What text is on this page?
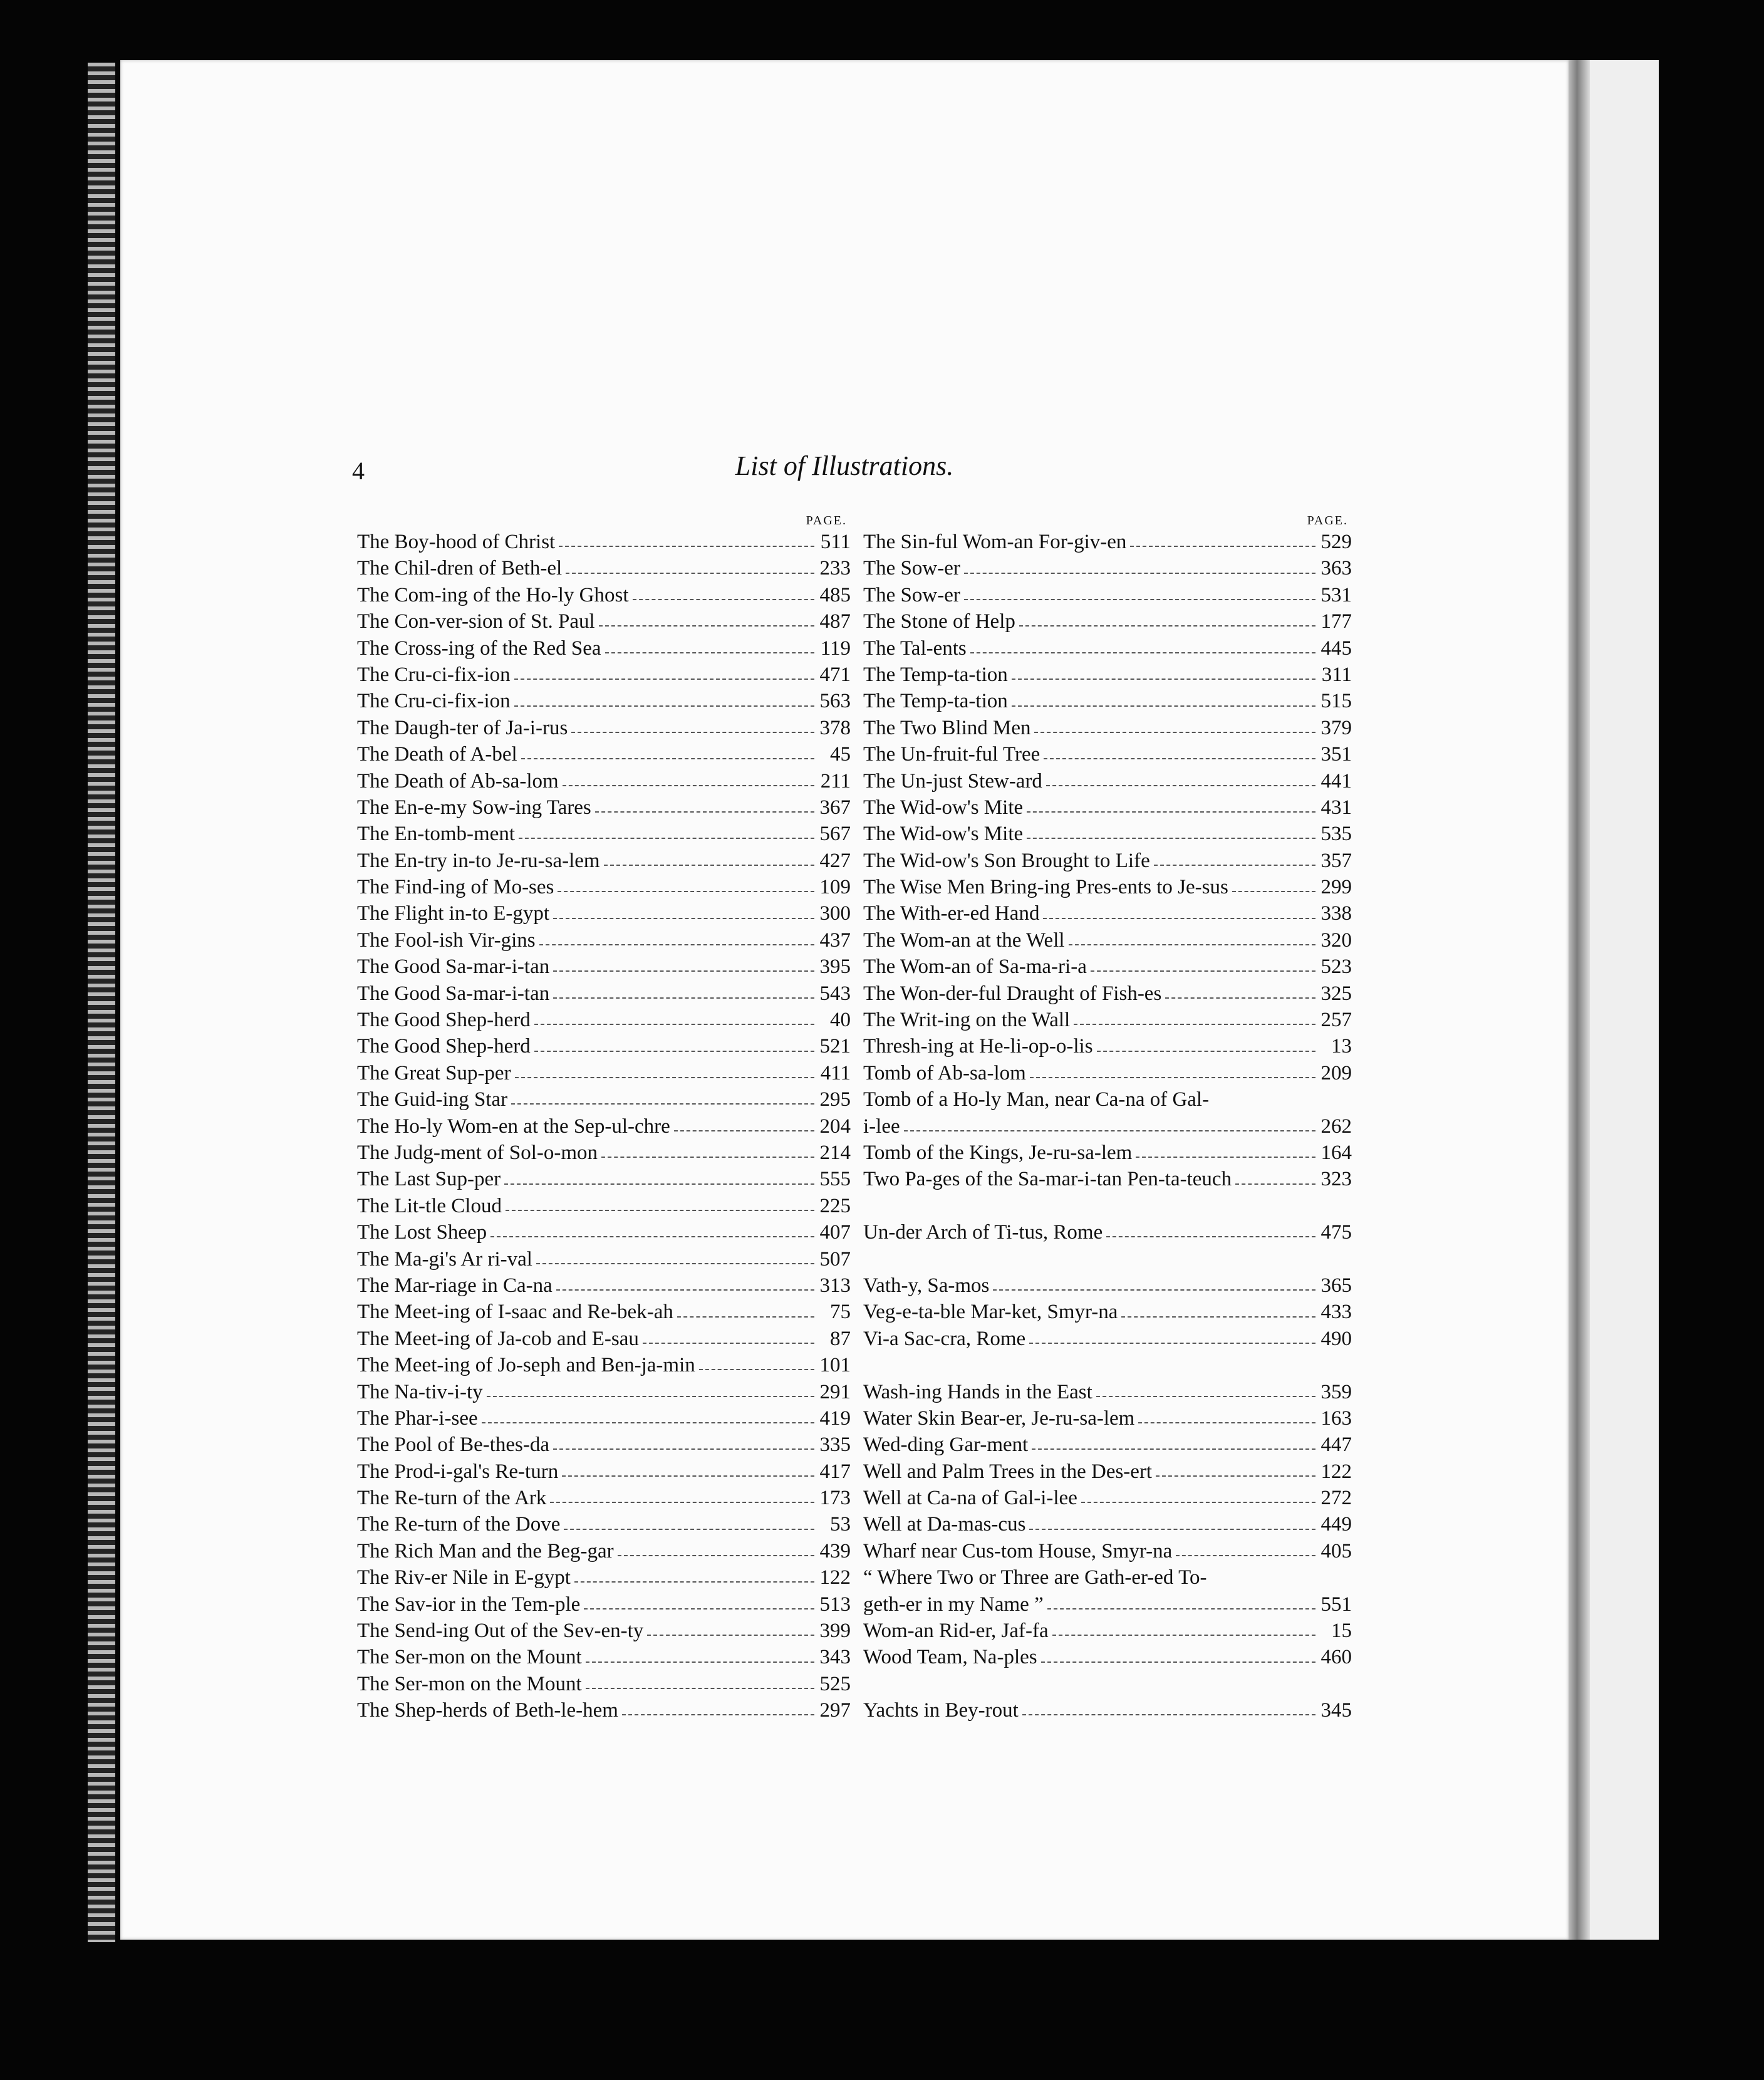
4	List of Illustrations.
PAGE.
The Boy-hood of Christ	511
The Chil-dren of Beth-el	233
The Com-ing of the Ho-ly Ghost	485
The Con-ver-sion of St. Paul	487
The Cross-ing of the Red Sea	119
The Cru-ci-fix-ion	471
The Cru-ci-fix-ion	563
The Daugh-ter of Ja-i-rus	378
The Death of A-bel	45
The Death of Ab-sa-lom	211
The En-e-my Sow-ing Tares	367
The En-tomb-ment	567
The En-try in-to Je-ru-sa-lem	427
The Find-ing of Mo-ses	109
The Flight in-to E-gypt	300
The Fool-ish Vir-gins	437
The Good Sa-mar-i-tan	395
The Good Sa-mar-i-tan	543
The Good Shep-herd	40
The Good Shep-herd	521
The Great Sup-per	411
The Guid-ing Star	295
The Ho-ly Wom-en at the Sep-ul-chre	204
The Judg-ment of Sol-o-mon	214
The Last Sup-per	555
The Lit-tle Cloud	225
The Lost Sheep	407
The Ma-gi's Ar ri-val	507
The Mar-riage in Ca-na	313
The Meet-ing of I-saac and Re-bek-ah	75
The Meet-ing of Ja-cob and E-sau	87
The Meet-ing of Jo-seph and Ben-ja-min	101
The Na-tiv-i-ty	291
The Phar-i-see	419
The Pool of Be-thes-da	335
The Prod-i-gal's Re-turn	417
The Re-turn of the Ark	173
The Re-turn of the Dove	53
The Rich Man and the Beg-gar	439
The Riv-er Nile in E-gypt	122
The Sav-ior in the Tem-ple	513
The Send-ing Out of the Sev-en-ty	399
The Ser-mon on the Mount	343
The Ser-mon on the Mount	525
The Shep-herds of Beth-le-hem	297
PAGE.
The Sin-ful Wom-an For-giv-en	529
The Sow-er	363
The Sow-er	531
The Stone of Help	177
The Tal-ents	445
The Temp-ta-tion	311
The Temp-ta-tion	515
The Two Blind Men	379
The Un-fruit-ful Tree	351
The Un-just Stew-ard	441
The Wid-ow's Mite	431
The Wid-ow's Mite	535
The Wid-ow's Son Brought to Life	357
The Wise Men Bring-ing Pres-ents to Je-sus	299
The With-er-ed Hand	338
The Wom-an at the Well	320
The Wom-an of Sa-ma-ri-a	523
The Won-der-ful Draught of Fish-es	325
The Writ-ing on the Wall	257
Thresh-ing at He-li-op-o-lis	13
Tomb of Ab-sa-lom	209
Tomb of a Ho-ly Man, near Ca-na of Gal-
i-lee	262
Tomb of the Kings, Je-ru-sa-lem	164
Two Pa-ges of the Sa-mar-i-tan Pen-ta-teuch	323
Un-der Arch of Ti-tus, Rome	475
Vath-y, Sa-mos	365
Veg-e-ta-ble Mar-ket, Smyr-na	433
Vi-a Sac-cra, Rome	490
Wash-ing Hands in the East	359
Water Skin Bear-er, Je-ru-sa-lem	163
Wed-ding Gar-ment	447
Well and Palm Trees in the Des-ert	122
Well at Ca-na of Gal-i-lee	272
Well at Da-mas-cus	449
Wharf near Cus-tom House, Smyr-na	405
“ Where Two or Three are Gath-er-ed To-
geth-er in my Name ”	551
Wom-an Rid-er, Jaf-fa	15
Wood Team, Na-ples	460
Yachts in Bey-rout	345
